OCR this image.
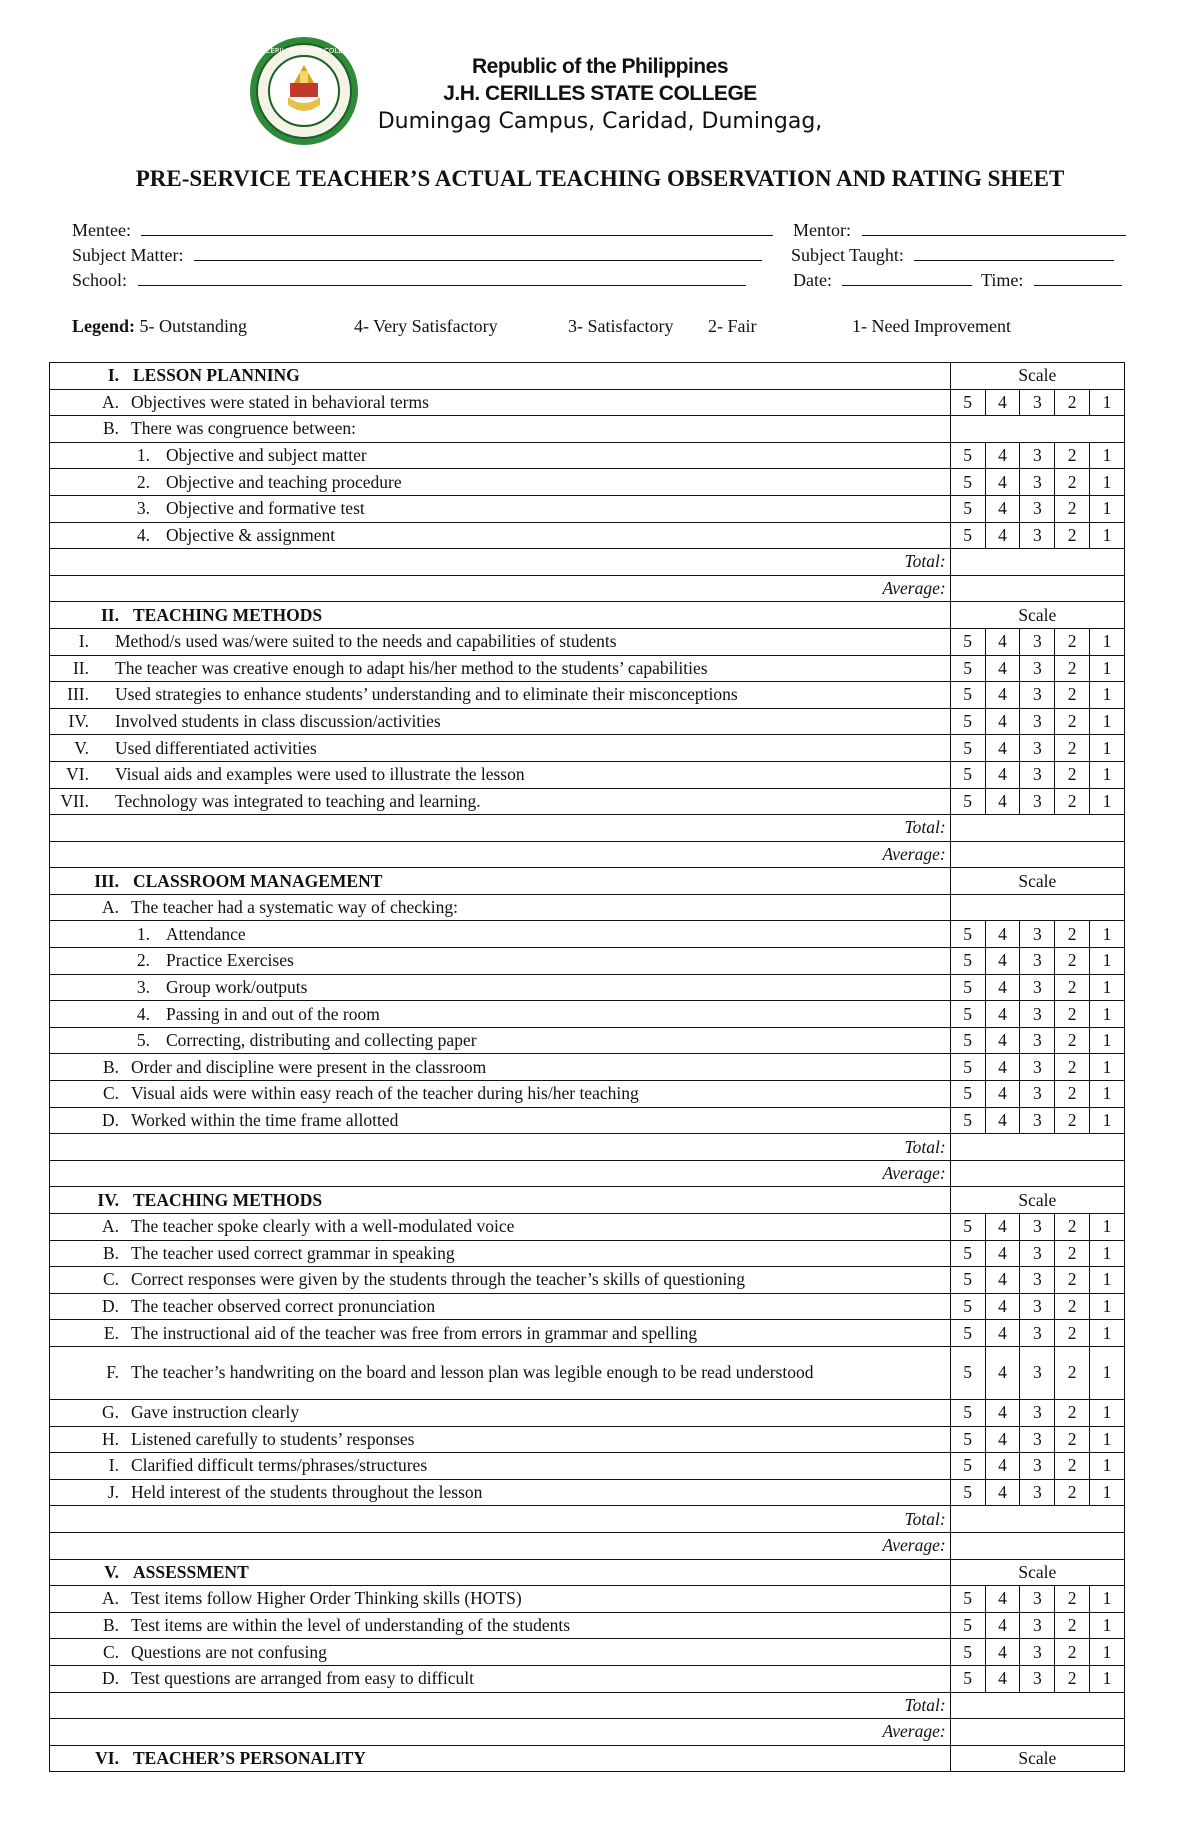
J.H. CERILLES STATE COLLEGE
Republic of the Philippines
J.H. CERILLES STATE COLLEGE
Dumingag Campus, Caridad, Dumingag,
PRE-SERVICE TEACHER’S ACTUAL TEACHING OBSERVATION AND RATING SHEET
Mentee:	Mentor:
Subject Matter:	Subject Taught:
School:	Date:	Time:
Legend: 5- Outstanding	4- Very Satisfactory	3- Satisfactory 2- Fair	1- Need Improvement
I. LESSON PLANNING	Scale				
A. Objectives were stated in behavioral terms	5	4	3	2	1
B. There was congruence between:					
1. Objective and subject matter	5	4	3	2	1
2. Objective and teaching procedure	5	4	3	2	1
3. Objective and formative test	5	4	3	2	1
4. Objective & assignment	5	4	3	2	1
Total:					
Average:					
II. TEACHING METHODS	Scale				
I. Method/s used was/were suited to the needs and capabilities of students	5	4	3	2	1
II. The teacher was creative enough to adapt his/her method to the students’ capabilities	5	4	3	2	1
III. Used strategies to enhance students’ understanding and to eliminate their misconceptions	5	4	3	2	1
IV. Involved students in class discussion/activities	5	4	3	2	1
V. Used differentiated activities	5	4	3	2	1
VI. Visual aids and examples were used to illustrate the lesson	5	4	3	2	1
VII. Technology was integrated to teaching and learning.	5	4	3	2	1
Total:					
Average:					
III. CLASSROOM MANAGEMENT	Scale				
A. The teacher had a systematic way of checking:					
1. Attendance	5	4	3	2	1
2. Practice Exercises	5	4	3	2	1
3. Group work/outputs	5	4	3	2	1
4. Passing in and out of the room	5	4	3	2	1
5. Correcting, distributing and collecting paper	5	4	3	2	1
B. Order and discipline were present in the classroom	5	4	3	2	1
C. Visual aids were within easy reach of the teacher during his/her teaching	5	4	3	2	1
D. Worked within the time frame allotted	5	4	3	2	1
Total:					
Average:					
IV. TEACHING METHODS	Scale				
A. The teacher spoke clearly with a well-modulated voice	5	4	3	2	1
B. The teacher used correct grammar in speaking	5	4	3	2	1
C. Correct responses were given by the students through the teacher’s skills of questioning	5	4	3	2	1
D. The teacher observed correct pronunciation	5	4	3	2	1
E. The instructional aid of the teacher was free from errors in grammar and spelling	5	4	3	2	1

F. The teacher’s handwriting on the board and lesson plan was legible enough to be read understood	5	4	3	2	1
G. Gave instruction clearly	5	4	3	2	1
H. Listened carefully to students’ responses	5	4	3	2	1
I. Clarified difficult terms/phrases/structures	5	4	3	2	1
J. Held interest of the students throughout the lesson	5	4	3	2	1
Total:					
Average:					
V. ASSESSMENT	Scale				
A. Test items follow Higher Order Thinking skills (HOTS)	5	4	3	2	1
B. Test items are within the level of understanding of the students	5	4	3	2	1
C. Questions are not confusing	5	4	3	2	1
D. Test questions are arranged from easy to difficult	5	4	3	2	1
Total:					
Average:					
VI. TEACHER’S PERSONALITY	Scale				
